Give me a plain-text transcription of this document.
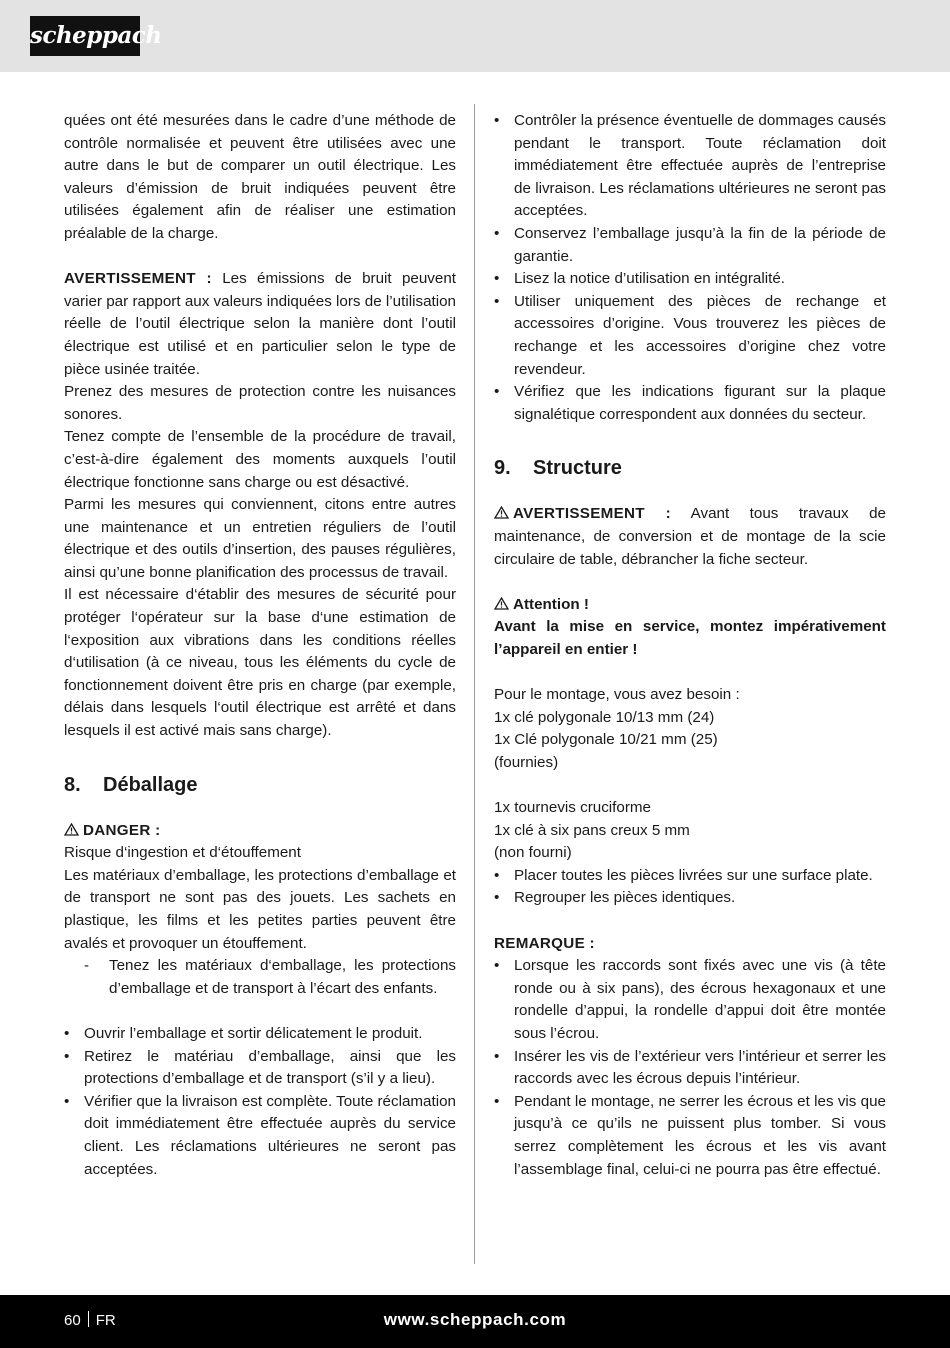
scheppach

quées ont été mesurées dans le cadre d’une méthode de contrôle normalisée et peuvent être utilisées avec une autre dans le but de comparer un outil électrique. Les valeurs d’émission de bruit indiquées peuvent être utilisées également afin de réaliser une estimation préalable de la charge.

AVERTISSEMENT : Les émissions de bruit peuvent varier par rapport aux valeurs indiquées lors de l’utilisation réelle de l’outil électrique selon la manière dont l’outil électrique est utilisé et en particulier selon le type de pièce usinée traitée.

Prenez des mesures de protection contre les nuisances sonores.

Tenez compte de l’ensemble de la procédure de travail, c’est-à-dire également des moments auxquels l’outil électrique fonctionne sans charge ou est désactivé.

Parmi les mesures qui conviennent, citons entre autres une maintenance et un entretien réguliers de l’outil électrique et des outils d’insertion, des pauses régulières, ainsi qu’une bonne planification des processus de travail.

Il est nécessaire d‘établir des mesures de sécurité pour protéger l‘opérateur sur la base d‘une estimation de l‘exposition aux vibrations dans les conditions réelles d‘utilisation (à ce niveau, tous les éléments du cycle de fonctionnement doivent être pris en charge (par exemple, délais dans lesquels l‘outil électrique est arrêté et dans lesquels il est activé mais sans charge).

8. Déballage

DANGER :

Risque d‘ingestion et d‘étouffement

Les matériaux d’emballage, les protections d’emballage et de transport ne sont pas des jouets. Les sachets en plastique, les films et les petites parties peuvent être avalés et provoquer un étouffement.

- Tenez les matériaux d‘emballage, les protections d’emballage et de transport à l’écart des enfants.
• Ouvrir l’emballage et sortir délicatement le produit.
• Retirez le matériau d’emballage, ainsi que les protections d’emballage et de transport (s’il y a lieu).
• Vérifier que la livraison est complète. Toute réclamation doit immédiatement être effectuée auprès du service client. Les réclamations ultérieures ne seront pas acceptées.
• Contrôler la présence éventuelle de dommages causés pendant le transport. Toute réclamation doit immédiatement être effectuée auprès de l’entreprise de livraison. Les réclamations ultérieures ne seront pas acceptées.
• Conservez l’emballage jusqu’à la fin de la période de garantie.
• Lisez la notice d’utilisation en intégralité.
• Utiliser uniquement des pièces de rechange et accessoires d’origine. Vous trouverez les pièces de rechange et les accessoires d’origine chez votre revendeur.
• Vérifiez que les indications figurant sur la plaque signalétique correspondent aux données du secteur.
9. Structure

AVERTISSEMENT : Avant tous travaux de maintenance, de conversion et de montage de la scie circulaire de table, débrancher la fiche secteur.

Attention !

Avant la mise en service, montez impérativement l’appareil en entier !

Pour le montage, vous avez besoin :

1x clé polygonale 10/13 mm (24)

1x Clé polygonale 10/21 mm (25)

(fournies)

1x tournevis cruciforme

1x clé à six pans creux 5 mm

(non fourni)

• Placer toutes les pièces livrées sur une surface plate.
• Regrouper les pièces identiques.

REMARQUE :

• Lorsque les raccords sont fixés avec une vis (à tête ronde ou à six pans), des écrous hexagonaux et une rondelle d’appui, la rondelle d’appui doit être montée sous l’écrou.
• Insérer les vis de l’extérieur vers l’intérieur et serrer les raccords avec les écrous depuis l’intérieur.
• Pendant le montage, ne serrer les écrous et les vis que jusqu’à ce qu’ils ne puissent plus tomber. Si vous serrez complètement les écrous et les vis avant l’assemblage final, celui-ci ne pourra pas être effectué.
60 FR	www.scheppach.com
